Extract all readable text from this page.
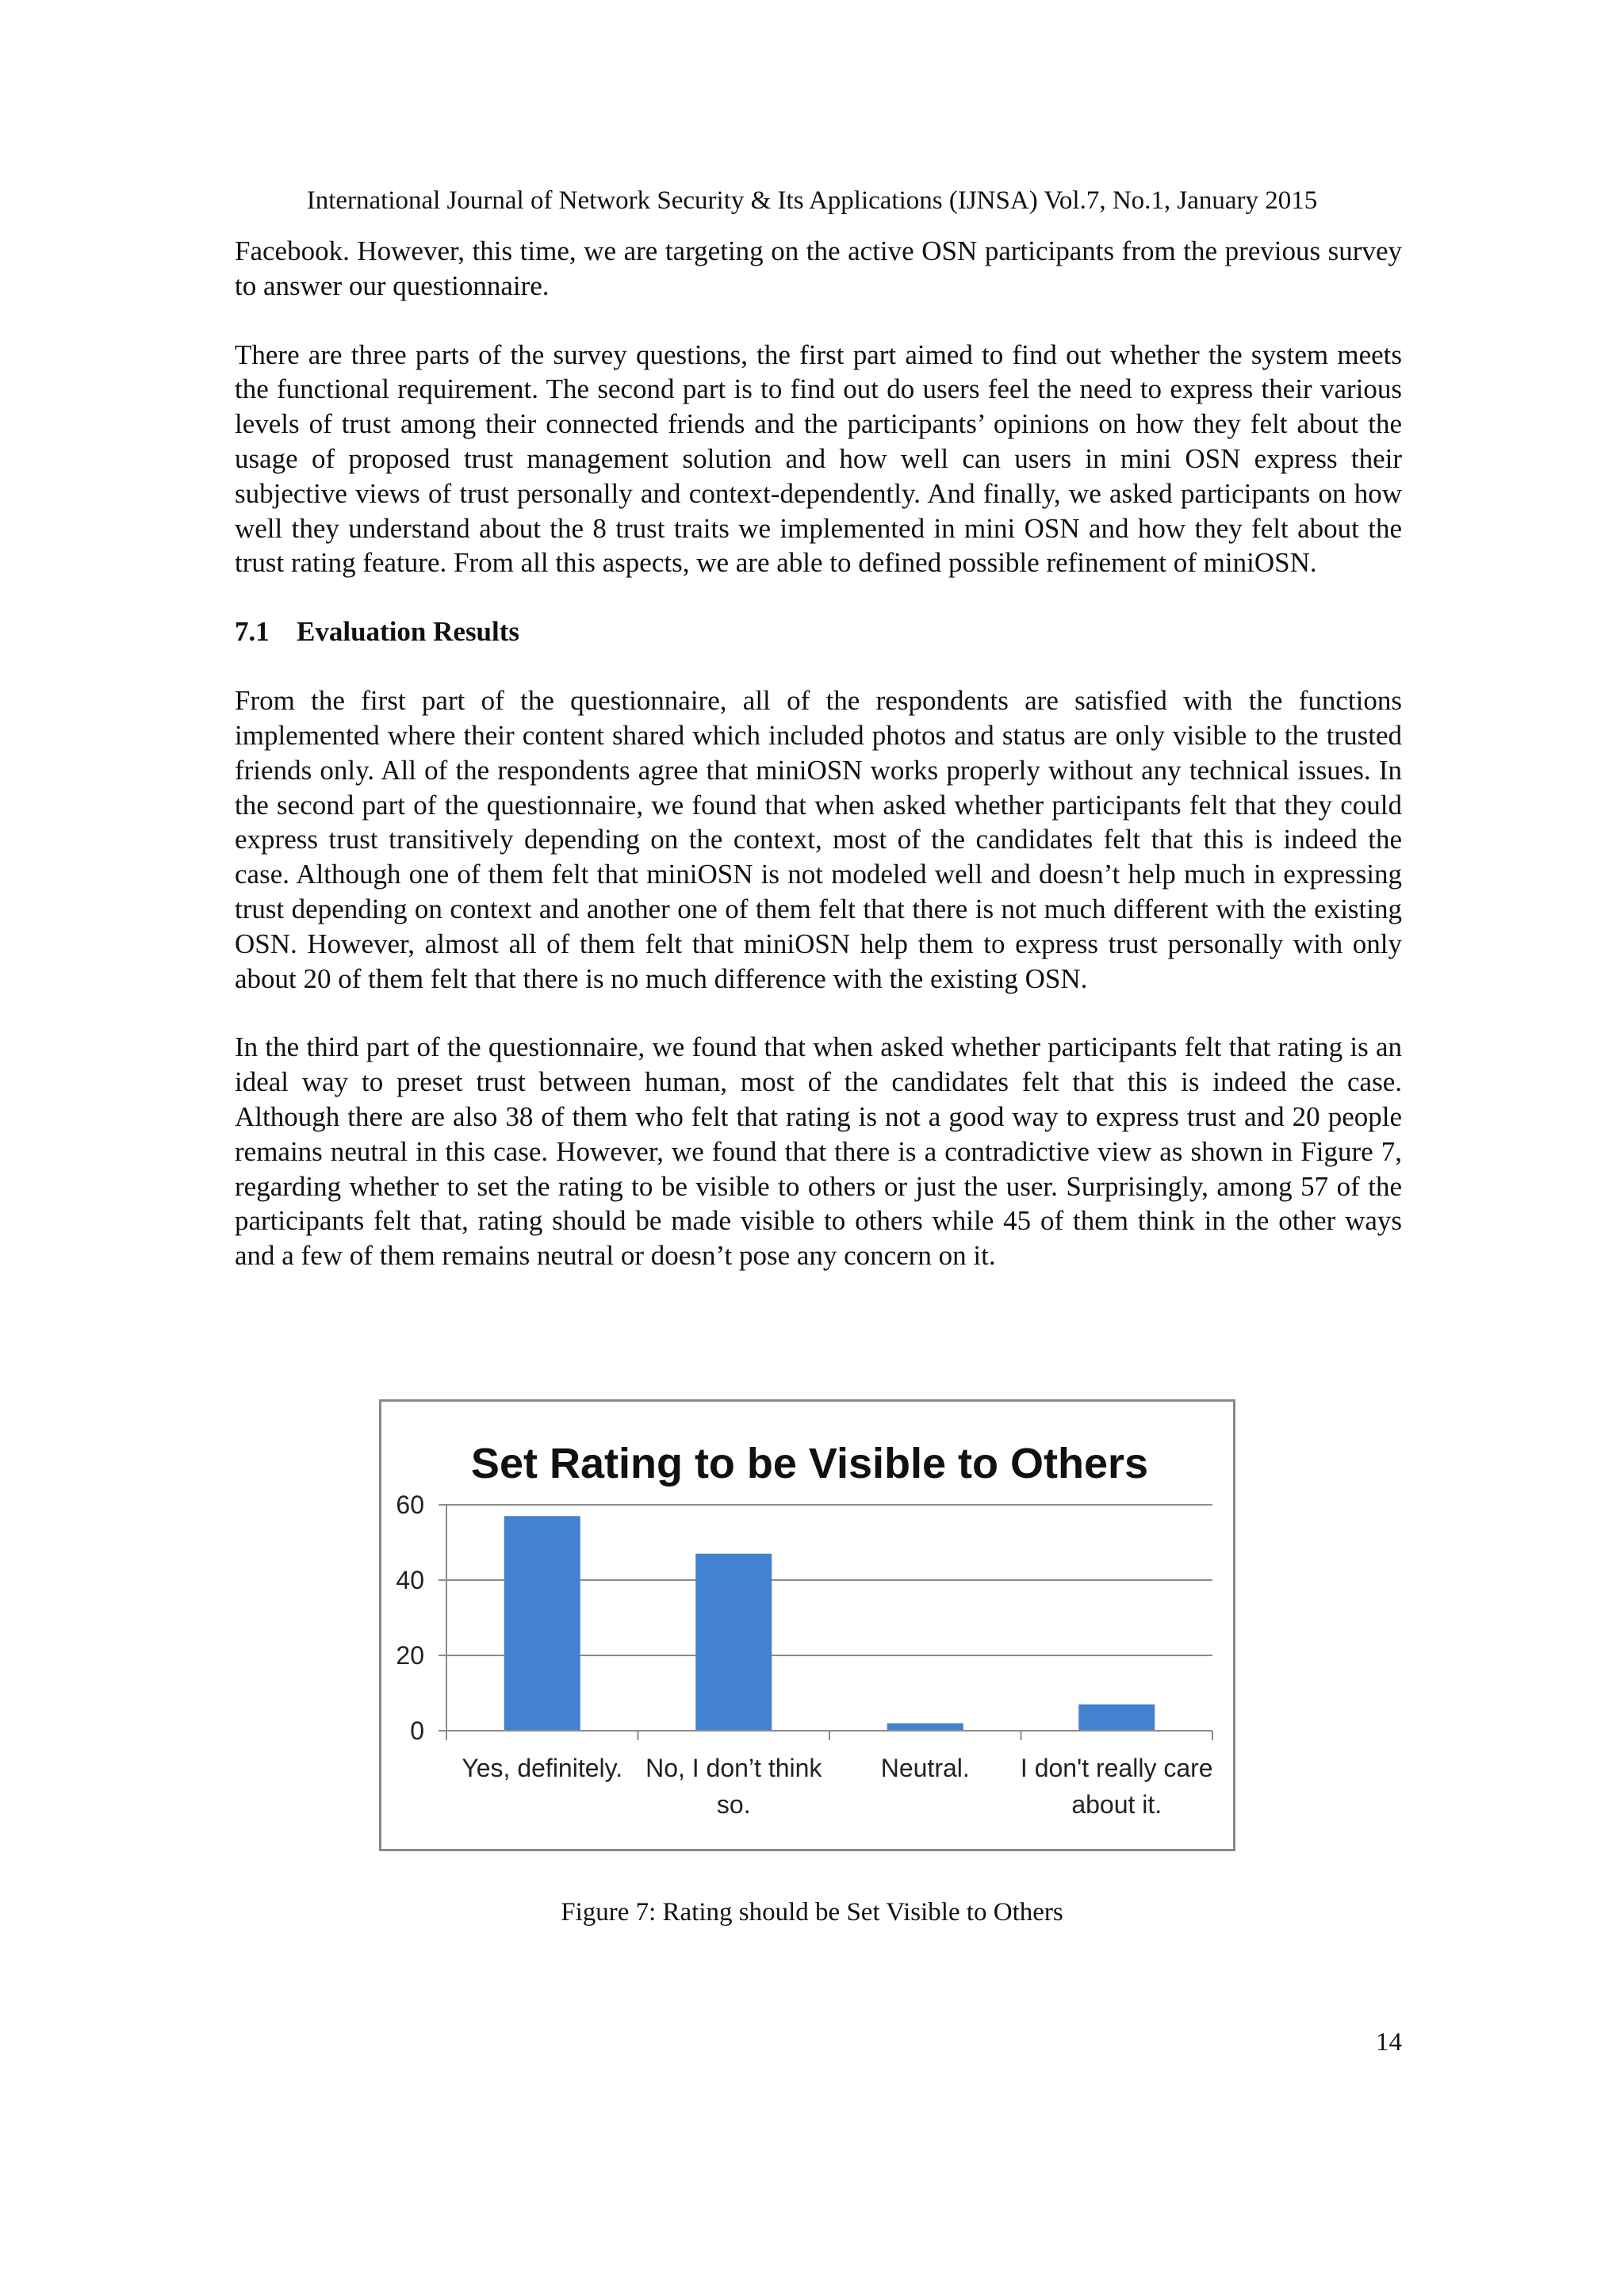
International Journal of Network Security & Its Applications (IJNSA) Vol.7, No.1, January 2015

Facebook. However, this time, we are targeting on the active OSN participants from the previous survey to answer our questionnaire.

There are three parts of the survey questions, the first part aimed to find out whether the system meets the functional requirement. The second part is to find out do users feel the need to express their various levels of trust among their connected friends and the participants’ opinions on how they felt about the usage of proposed trust management solution and how well can users in mini OSN express their subjective views of trust personally and context-dependently. And finally, we asked participants on how well they understand about the 8 trust traits we implemented in mini OSN and how they felt about the trust rating feature. From all this aspects, we are able to defined possible refinement of miniOSN.

7.1 Evaluation Results

From the first part of the questionnaire, all of the respondents are satisfied with the functions implemented where their content shared which included photos and status are only visible to the trusted friends only. All of the respondents agree that miniOSN works properly without any technical issues. In the second part of the questionnaire, we found that when asked whether participants felt that they could express trust transitively depending on the context, most of the candidates felt that this is indeed the case. Although one of them felt that miniOSN is not modeled well and doesn’t help much in expressing trust depending on context and another one of them felt that there is not much different with the existing OSN. However, almost all of them felt that miniOSN help them to express trust personally with only about 20 of them felt that there is no much difference with the existing OSN.

In the third part of the questionnaire, we found that when asked whether participants felt that rating is an ideal way to preset trust between human, most of the candidates felt that this is indeed the case. Although there are also 38 of them who felt that rating is not a good way to express trust and 20 people remains neutral in this case. However, we found that there is a contradictive view as shown in Figure 7, regarding whether to set the rating to be visible to others or just the user. Surprisingly, among 57 of the participants felt that, rating should be made visible to others while 45 of them think in the other ways and a few of them remains neutral or doesn’t pose any concern on it.

Set Rating to be Visible to Others
0
20
40
60
Yes, definitely. No, I don’t think
so.
Neutral. I don't really care
about it.
Figure 7: Rating should be Set Visible to Others
14
